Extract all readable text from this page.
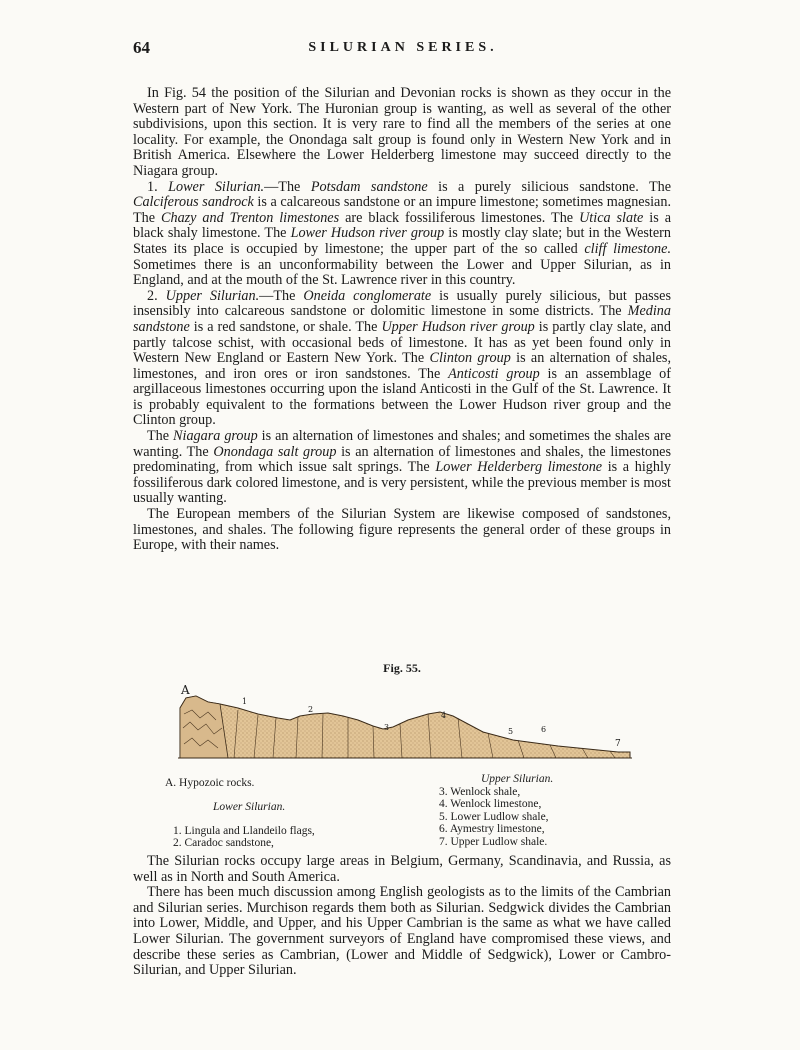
64	SILURIAN SERIES.

In Fig. 54 the position of the Silurian and Devonian rocks is shown as they occur in the Western part of New York. The Huronian group is wanting, as well as several of the other subdivisions, upon this section. It is very rare to find all the members of the series at one locality. For example, the Onondaga salt group is found only in Western New York and in British America. Elsewhere the Lower Helderberg limestone may succeed directly to the Niagara group.

1. Lower Silurian.—The Potsdam sandstone is a purely silicious sandstone. The Calciferous sandrock is a calcareous sandstone or an impure limestone; sometimes magnesian. The Chazy and Trenton limestones are black fossiliferous limestones. The Utica slate is a black shaly limestone. The Lower Hudson river group is mostly clay slate; but in the Western States its place is occupied by limestone; the upper part of the so called cliff limestone. Sometimes there is an unconformability between the Lower and Upper Silurian, as in England, and at the mouth of the St. Lawrence river in this country.

2. Upper Silurian.—The Oneida conglomerate is usually purely silicious, but passes insensibly into calcareous sandstone or dolomitic limestone in some districts. The Medina sandstone is a red sandstone, or shale. The Upper Hudson river group is partly clay slate, and partly talcose schist, with occasional beds of limestone. It has as yet been found only in Western New England or Eastern New York. The Clinton group is an alternation of shales, limestones, and iron ores or iron sandstones. The Anticosti group is an assemblage of argillaceous limestones occurring upon the island Anticosti in the Gulf of the St. Lawrence. It is probably equivalent to the formations between the Lower Hudson river group and the Clinton group.

The Niagara group is an alternation of limestones and shales; and sometimes the shales are wanting. The Onondaga salt group is an alternation of limestones and shales, the limestones predominating, from which issue salt springs. The Lower Helderberg limestone is a highly fossiliferous dark colored limestone, and is very persistent, while the previous member is most usually wanting.

The European members of the Silurian System are likewise composed of sandstones, limestones, and shales. The following figure represents the general order of these groups in Europe, with their names.

Fig. 55.
A
1
2
3
4
5	6
7
A. Hypozoic rocks.
Lower Silurian.
1. Lingula and Llandeilo flags,
2. Caradoc sandstone,
Upper Silurian.
3. Wenlock shale,
4. Wenlock limestone,
5. Lower Ludlow shale,
6. Aymestry limestone,
7. Upper Ludlow shale.

The Silurian rocks occupy large areas in Belgium, Germany, Scandinavia, and Russia, as well as in North and South America.

There has been much discussion among English geologists as to the limits of the Cambrian and Silurian series. Murchison regards them both as Silurian. Sedgwick divides the Cambrian into Lower, Middle, and Upper, and his Upper Cambrian is the same as what we have called Lower Silurian. The government surveyors of England have compromised these views, and describe these series as Cambrian, (Lower and Middle of Sedgwick), Lower or Cambro-Silurian, and Upper Silurian.
